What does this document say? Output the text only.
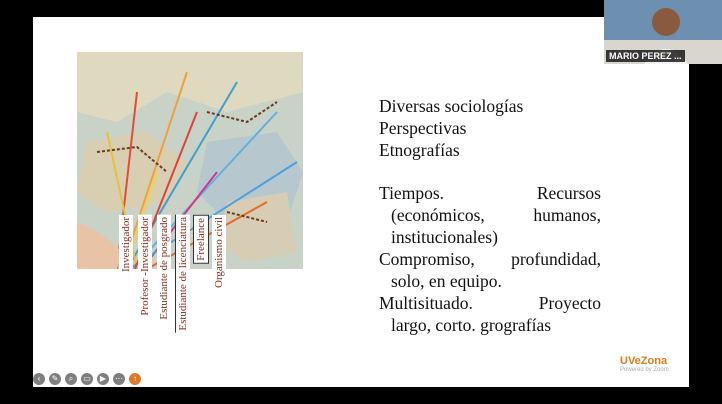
Investigador Profesor -Investigador Estudiante de posgrado Estudiante de licenciatura Freelance Organismo civil
Diversas sociologías
Perspectivas
Etnografías
Tiempos. Recursos
(económicos, humanos,
institucionales)
Compromiso, profundidad,
solo, en equipo.
Multisituado. Proyecto
largo, corto. grografías
MARIO PEREZ ...
‹	✎	⌕	▭	▶	⋯	↑
UVeZona
Powered by Zoom
